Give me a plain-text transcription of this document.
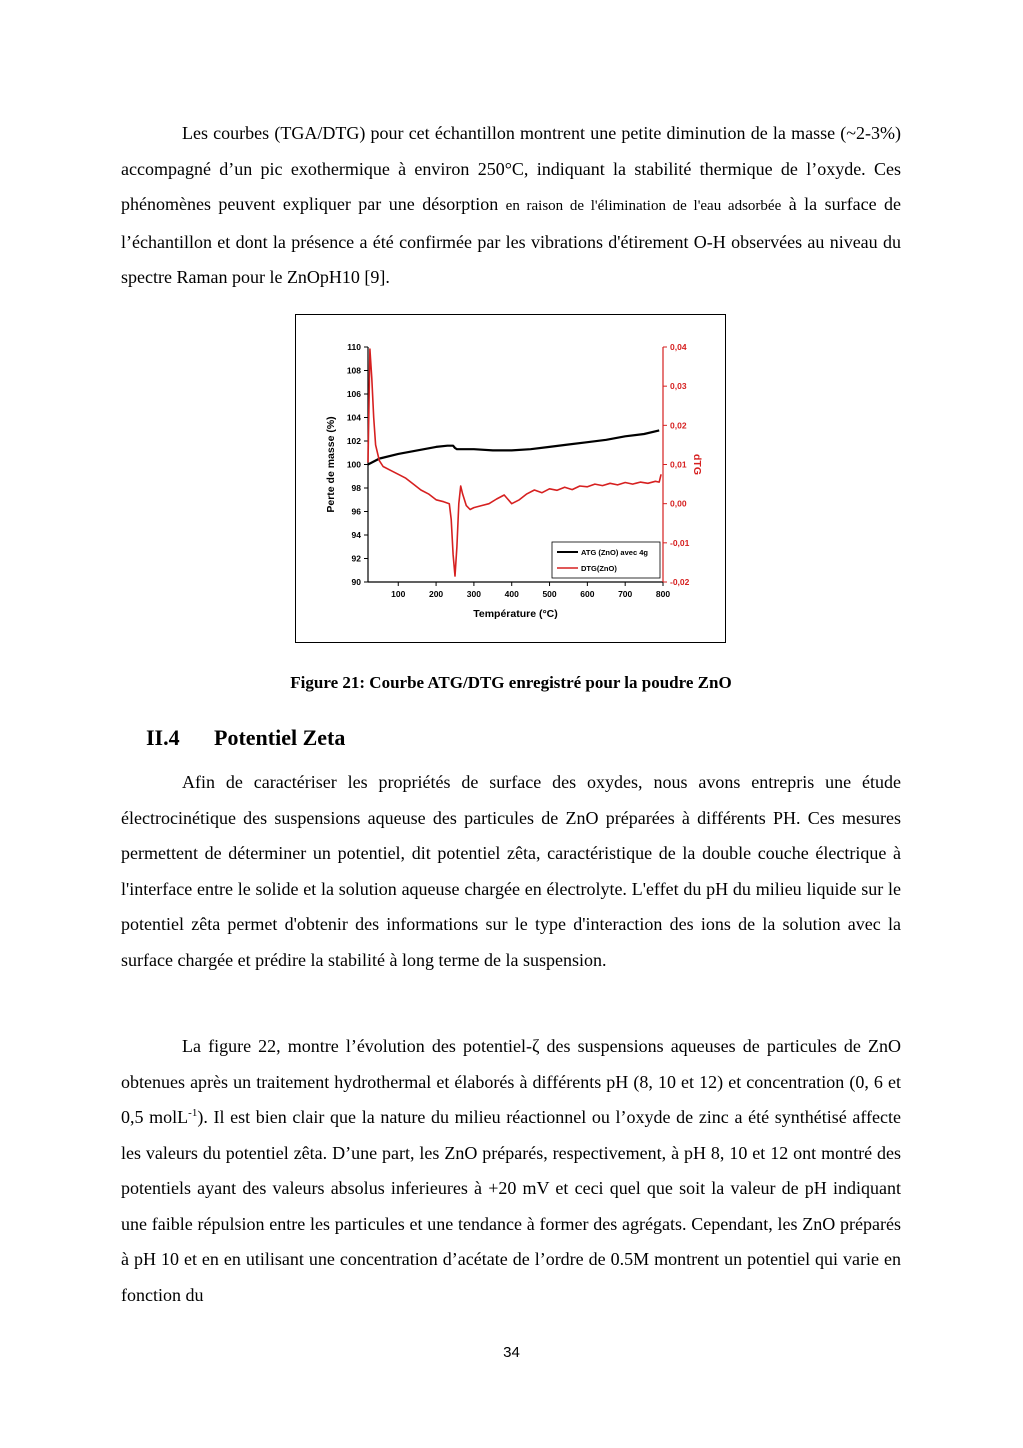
Les courbes (TGA/DTG) pour cet échantillon montrent une petite diminution de la masse (~2-3%) accompagné d’un pic exothermique à environ 250°C, indiquant la stabilité thermique de l’oxyde. Ces phénomènes peuvent expliquer par une désorption en raison de l'élimination de l'eau adsorbée à la surface de l’échantillon et dont la présence a été confirmée par les vibrations d'étirement O-H observées au niveau du spectre Raman pour le ZnOpH10 [9].

100	200	300	400	500	600	700	800
90
92
94
96
98
100
102
104
106
108
110
-0,02
-0,01
0,00
0,01
0,02
0,03
0,04
Température (°C)
Perte de masse (%)	dTG
ATG (ZnO) avec 4g
DTG(ZnO)
Figure 21: Courbe ATG/DTG enregistré pour la poudre ZnO
II.4 Potentiel Zeta

Afin de caractériser les propriétés de surface des oxydes, nous avons entrepris une étude électrocinétique des suspensions aqueuse des particules de ZnO préparées à différents PH. Ces mesures permettent de déterminer un potentiel, dit potentiel zêta, caractéristique de la double couche électrique à l'interface entre le solide et la solution aqueuse chargée en électrolyte. L'effet du pH du milieu liquide sur le potentiel zêta permet d'obtenir des informations sur le type d'interaction des ions de la solution avec la surface chargée et prédire la stabilité à long terme de la suspension.

La figure 22, montre l’évolution des potentiel-ζ des suspensions aqueuses de particules de ZnO obtenues après un traitement hydrothermal et élaborés à différents pH (8, 10 et 12) et concentration (0, 6 et 0,5 molL$^{-1}$). Il est bien clair que la nature du milieu réactionnel ou l’oxyde de zinc a été synthétisé affecte les valeurs du potentiel zêta. D’une part, les ZnO préparés, respectivement, à pH 8, 10 et 12 ont montré des potentiels ayant des valeurs absolus inferieures à +20 mV et ceci quel que soit la valeur de pH indiquant une faible répulsion entre les particules et une tendance à former des agrégats. Cependant, les ZnO préparés à pH 10 et en en utilisant une concentration d’acétate de l’ordre de 0.5M montrent un potentiel qui varie en fonction du

34
